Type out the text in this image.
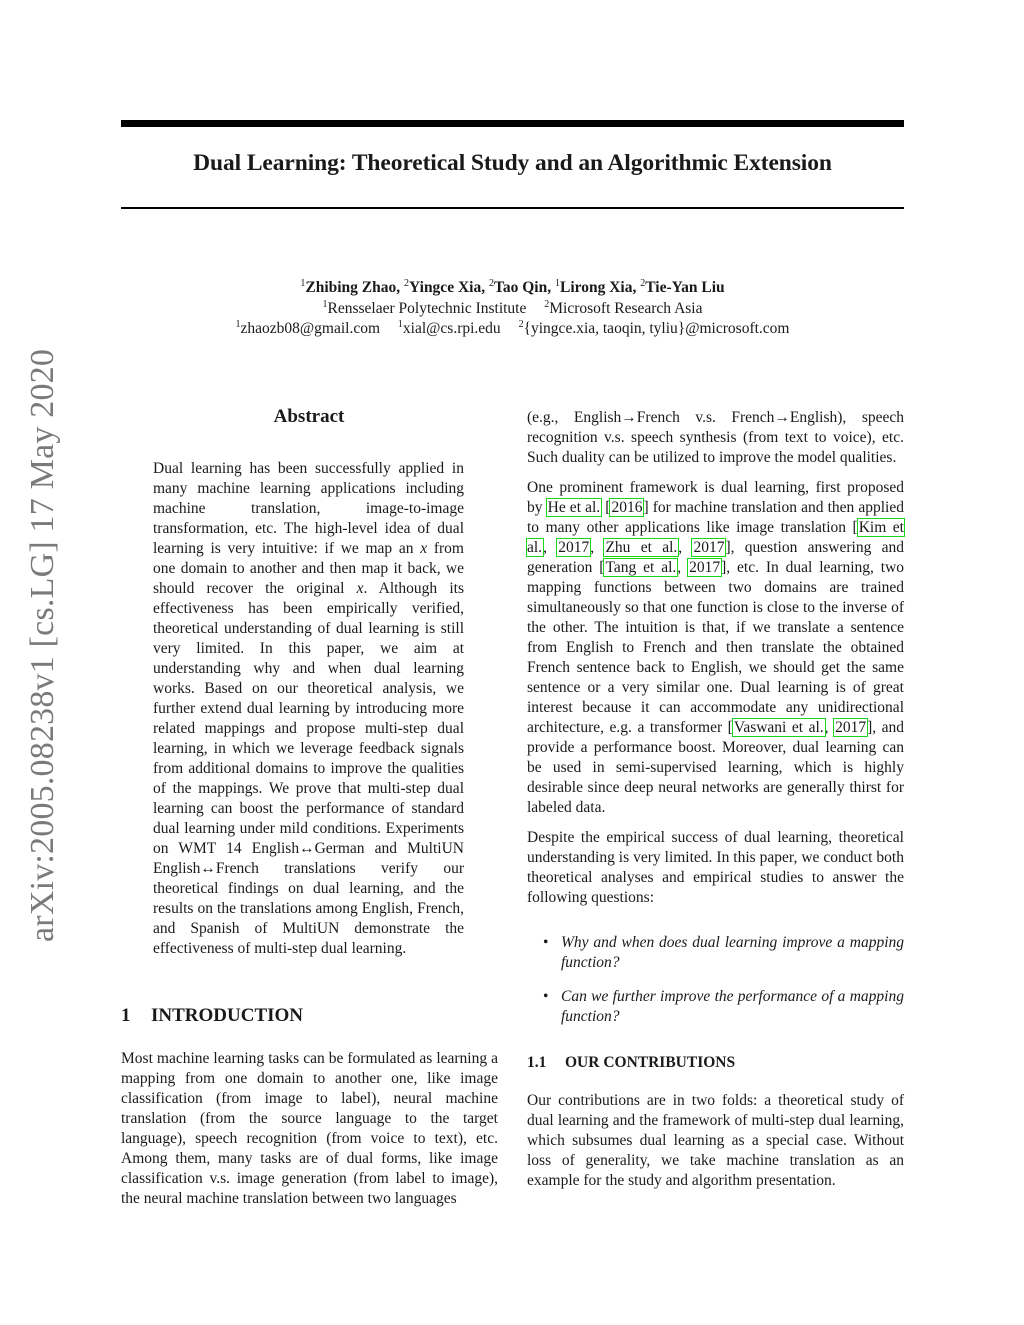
Dual Learning: Theoretical Study and an Algorithmic Extension
arXiv:2005.08238v1 [cs.LG] 17 May 2020
$^1$Zhibing Zhao, $^2$Yingce Xia, $^2$Tao Qin, $^1$Lirong Xia, $^2$Tie-Yan Liu
$^1$Rensselaer Polytechnic Institute $^2$Microsoft Research Asia
$^1$zhaozb08@gmail.com $^1$xial@cs.rpi.edu $^2${yingce.xia, taoqin, tyliu}@microsoft.com
Abstract

Dual learning has been successfully applied in many machine learning applications including machine translation, image-to-image transformation, etc. The high-level idea of dual learning is very intuitive: if we map an x from one domain to another and then map it back, we should recover the original x. Although its effectiveness has been empirically verified, theoretical understanding of dual learning is still very limited. In this paper, we aim at understanding why and when dual learning works. Based on our theoretical analysis, we further extend dual learning by introducing more related mappings and propose multi-step dual learning, in which we leverage feedback signals from additional domains to improve the qualities of the mappings. We prove that multi-step dual learning can boost the performance of standard dual learning under mild conditions. Experiments on WMT 14 English↔German and MultiUN English↔French translations verify our theoretical findings on dual learning, and the results on the translations among English, French, and Spanish of MultiUN demonstrate the effectiveness of multi-step dual learning.

1 INTRODUCTION

Most machine learning tasks can be formulated as learning a mapping from one domain to another one, like image classification (from image to label), neural machine translation (from the source language to the target language), speech recognition (from voice to text), etc. Among them, many tasks are of dual forms, like image classification v.s. image generation (from label to image), the neural machine translation between two languages

(e.g., English→French v.s. French→English), speech recognition v.s. speech synthesis (from text to voice), etc. Such duality can be utilized to improve the model qualities.

One prominent framework is dual learning, first proposed by He et al. [2016] for machine translation and then applied to many other applications like image translation [Kim et al., 2017, Zhu et al., 2017], question answering and generation [Tang et al., 2017], etc. In dual learning, two mapping functions between two domains are trained simultaneously so that one function is close to the inverse of the other. The intuition is that, if we translate a sentence from English to French and then translate the obtained French sentence back to English, we should get the same sentence or a very similar one. Dual learning is of great interest because it can accommodate any unidirectional architecture, e.g. a transformer [Vaswani et al., 2017], and provide a performance boost. Moreover, dual learning can be used in semi-supervised learning, which is highly desirable since deep neural networks are generally thirst for labeled data.

Despite the empirical success of dual learning, theoretical understanding is very limited. In this paper, we conduct both theoretical analyses and empirical studies to answer the following questions:

• Why and when does dual learning improve a mapping function?
• Can we further improve the performance of a mapping function?
1.1 OUR CONTRIBUTIONS

Our contributions are in two folds: a theoretical study of dual learning and the framework of multi-step dual learning, which subsumes dual learning as a special case. Without loss of generality, we take machine translation as an example for the study and algorithm presentation.
